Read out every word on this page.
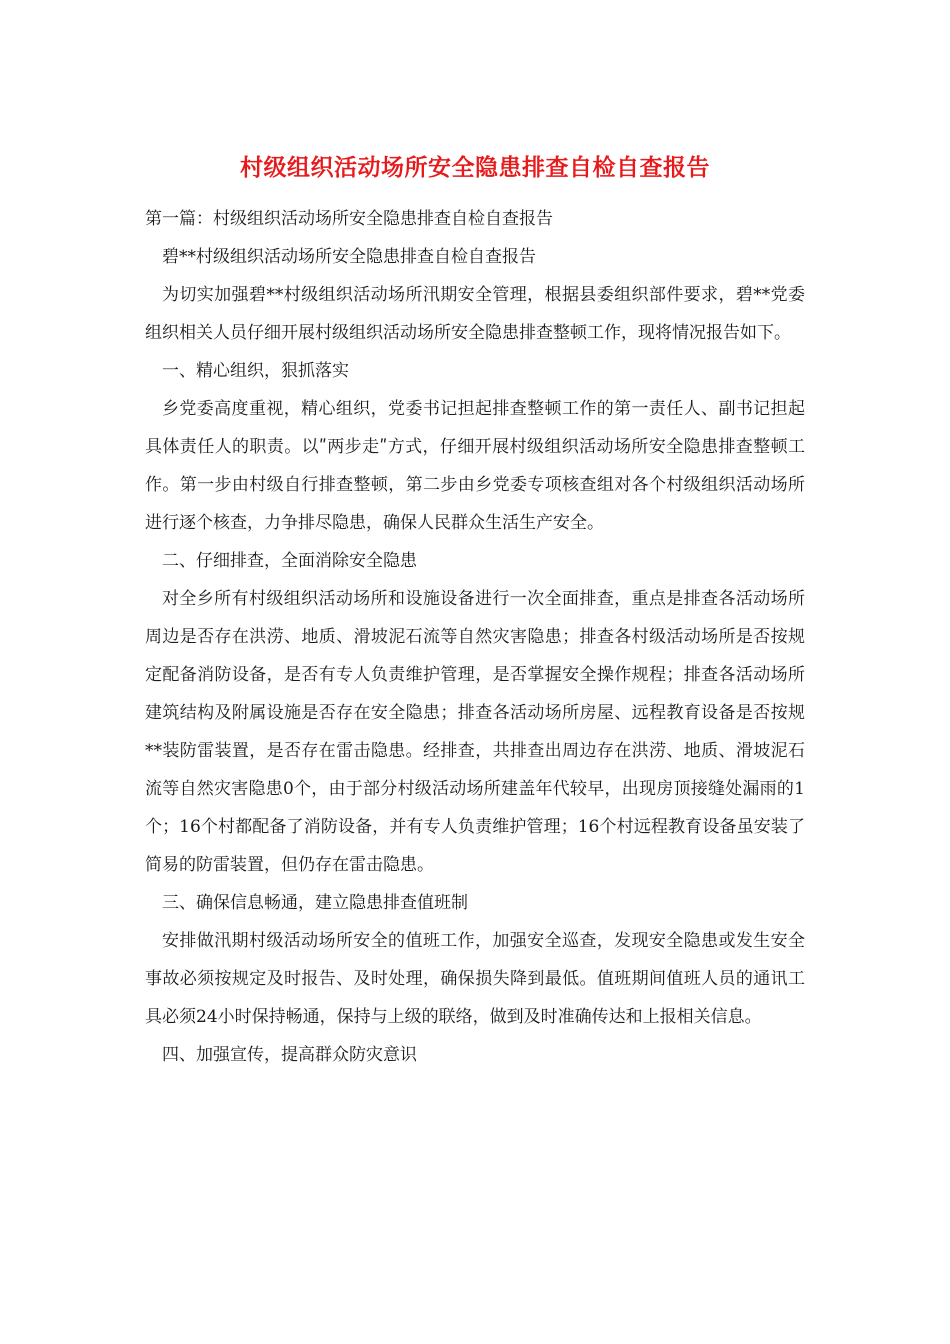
村级组织活动场所安全隐患排查自检自查报告

第一篇：村级组织活动场所安全隐患排查自检自查报告

碧**村级组织活动场所安全隐患排查自检自查报告

为切实加强碧**村级组织活动场所汛期安全管理，根据县委组织部件要求，碧**党委组织相关人员仔细开展村级组织活动场所安全隐患排查整顿工作，现将情况报告如下。

一、精心组织，狠抓落实

乡党委高度重视，精心组织，党委书记担起排查整顿工作的第一责任人、副书记担起具体责任人的职责。以ʺ两步走ʺ方式，仔细开展村级组织活动场所安全隐患排查整顿工作。第一步由村级自行排查整顿，第二步由乡党委专项核查组对各个村级组织活动场所进行逐个核查，力争排尽隐患，确保人民群众生活生产安全。

二、仔细排查，全面消除安全隐患

对全乡所有村级组织活动场所和设施设备进行一次全面排查，重点是排查各活动场所周边是否存在洪涝、地质、滑坡泥石流等自然灾害隐患；排查各村级活动场所是否按规定配备消防设备，是否有专人负责维护管理，是否掌握安全操作规程；排查各活动场所建筑结构及附属设施是否存在安全隐患；排查各活动场所房屋、远程教育设备是否按规**装防雷装置，是否存在雷击隐患。经排查，共排查出周边存在洪涝、地质、滑坡泥石流等自然灾害隐患0个，由于部分村级活动场所建盖年代较早，出现房顶接缝处漏雨的1个；16个村都配备了消防设备，并有专人负责维护管理；16个村远程教育设备虽安装了简易的防雷装置，但仍存在雷击隐患。

三、确保信息畅通，建立隐患排查值班制

安排做汛期村级活动场所安全的值班工作，加强安全巡查，发现安全隐患或发生安全事故必须按规定及时报告、及时处理，确保损失降到最低。值班期间值班人员的通讯工具必须24小时保持畅通，保持与上级的联络，做到及时准确传达和上报相关信息。

四、加强宣传，提高群众防灾意识
